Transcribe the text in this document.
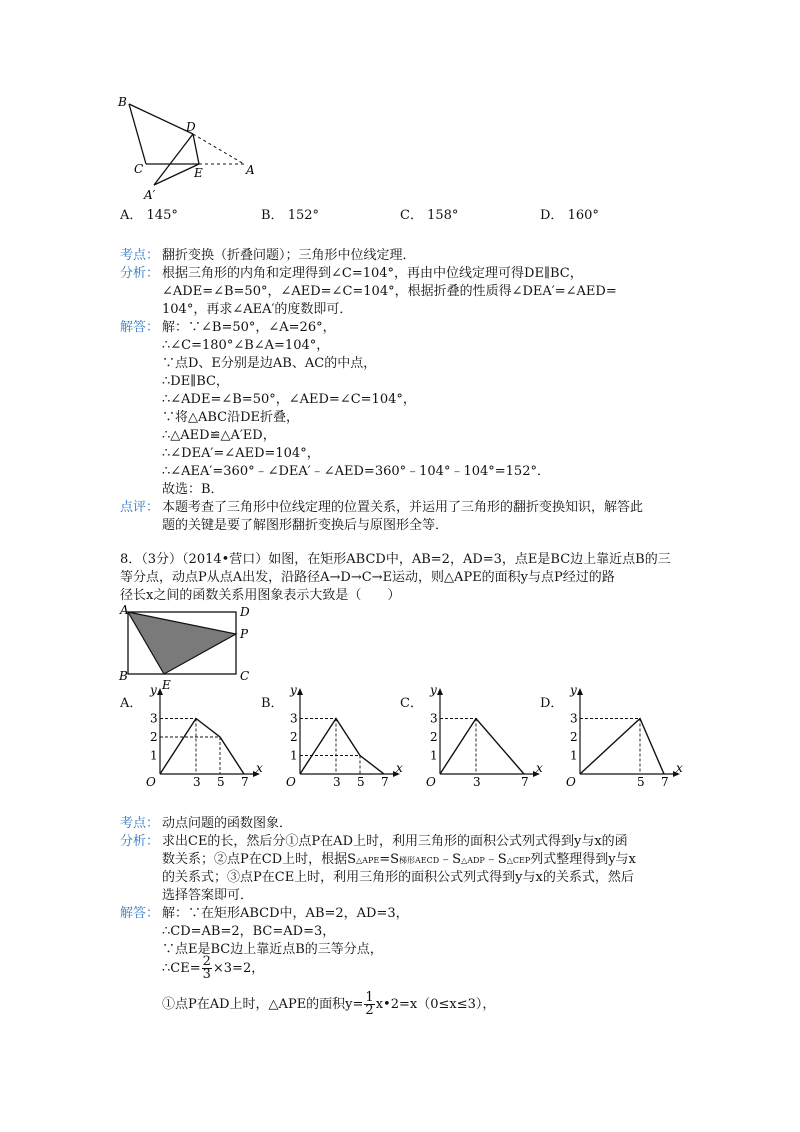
B
D
C	E	A
A′
A． 145°	B． 152°	C． 158°	D． 160°
考点： 翻折变换（折叠问题）；三角形中位线定理．
分析： 根据三角形的内角和定理得到∠C=104°，再由中位线定理可得DE∥BC，
∠ADE=∠B=50°，∠AED=∠C=104°，根据折叠的性质得∠DEA′=∠AED=
104°，再求∠AEA′的度数即可．
解答： 解：∵∠B=50°，∠A=26°，
∴∠C=180°∠B∠A=104°，
∵点D、E分别是边AB、AC的中点，
∴DE∥BC，
∴∠ADE=∠B=50°，∠AED=∠C=104°，
∵将△ABC沿DE折叠，
∴△AED≌△A′ED，
∴∠DEA′=∠AED=104°，
∴∠AEA′=360°﹣∠DEA′﹣∠AED=360°﹣104°﹣104°=152°．
故选：B．
点评： 本题考查了三角形中位线定理的位置关系，并运用了三角形的翻折变换知识，解答此
题的关键是要了解图形翻折变换后与原图形全等．
8．（3分）（2014•营口）如图，在矩形ABCD中，AB=2，AD=3，点E是BC边上靠近点B的三
等分点，动点P从点A出发，沿路径A→D→C→E运动，则△APE的面积y与点P经过的路
径长x之间的函数关系用图象表示大致是（　　）
A	D
P
B	C
E
A．	B．	C．	D．
y
x
O
1
2
3
3 5 7
y
x
O
1
2
3
3 5 7
y
x
O
1
2
3
3	7
y
x
O
1
2
3
5 7
考点： 动点问题的函数图象．
分析： 求出CE的长，然后分①点P在AD上时，利用三角形的面积公式列式得到y与x的函
数关系；②点P在CD上时，根据S△APE=S梯形AECD﹣S△ADP﹣S△CEP列式整理得到y与x
的关系式；③点P在CE上时，利用三角形的面积公式列式得到y与x的关系式，然后
选择答案即可．
解答： 解：∵在矩形ABCD中，AB=2，AD=3，
∴CD=AB=2，BC=AD=3，
∵点E是BC边上靠近点B的三等分点，
∴CE= $\frac{2}{3} \times 3=2$，
①点P在AD上时，△APE的面积$y= \frac{1}{2}$ x•2=x（0≤x≤3），
